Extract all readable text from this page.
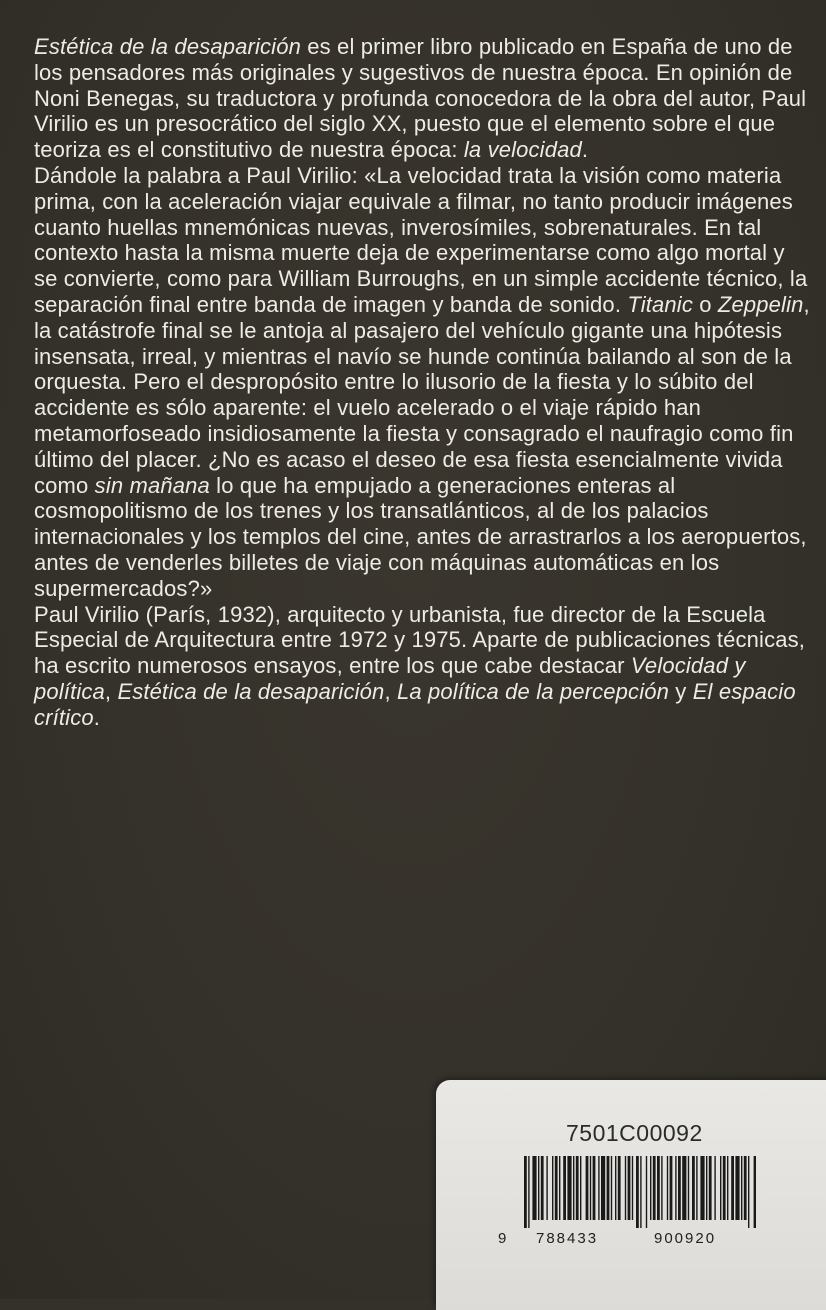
Estética de la desaparición es el primer libro publicado en España de uno de los pensadores más originales y sugestivos de nuestra época. En opinión de Noni Benegas, su traductora y profunda conocedora de la obra del autor, Paul Virilio es un presocrático del siglo XX, puesto que el elemento sobre el que teoriza es el constitutivo de nuestra época: la velocidad.

Dándole la palabra a Paul Virilio: «La velocidad trata la visión como materia prima, con la aceleración viajar equivale a filmar, no tanto producir imágenes cuanto huellas mnemónicas nuevas, inverosímiles, sobrenaturales. En tal contexto hasta la misma muerte deja de experimentarse como algo mortal y se convierte, como para William Burroughs, en un simple accidente técnico, la separación final entre banda de imagen y banda de sonido. Titanic o Zeppelin, la catástrofe final se le antoja al pasajero del vehículo gigante una hipótesis insensata, irreal, y mientras el navío se hunde continúa bailando al son de la orquesta. Pero el despropósito entre lo ilusorio de la fiesta y lo súbito del accidente es sólo aparente: el vuelo acelerado o el viaje rápido han metamorfoseado insidiosamente la fiesta y consagrado el naufragio como fin último del placer. ¿No es acaso el deseo de esa fiesta esencialmente vivida como sin mañana lo que ha empujado a generaciones enteras al cosmopolitismo de los trenes y los transatlánticos, al de los palacios internacionales y los templos del cine, antes de arrastrarlos a los aeropuertos, antes de venderles billetes de viaje con máquinas automáticas en los supermercados?»

Paul Virilio (París, 1932), arquitecto y urbanista, fue director de la Escuela Especial de Arquitectura entre 1972 y 1975. Aparte de publicaciones técnicas, ha escrito numerosos ensayos, entre los que cabe destacar Velocidad y política, Estética de la desaparición, La política de la percepción y El espacio crítico.

7501C00092
9 788433	900920
